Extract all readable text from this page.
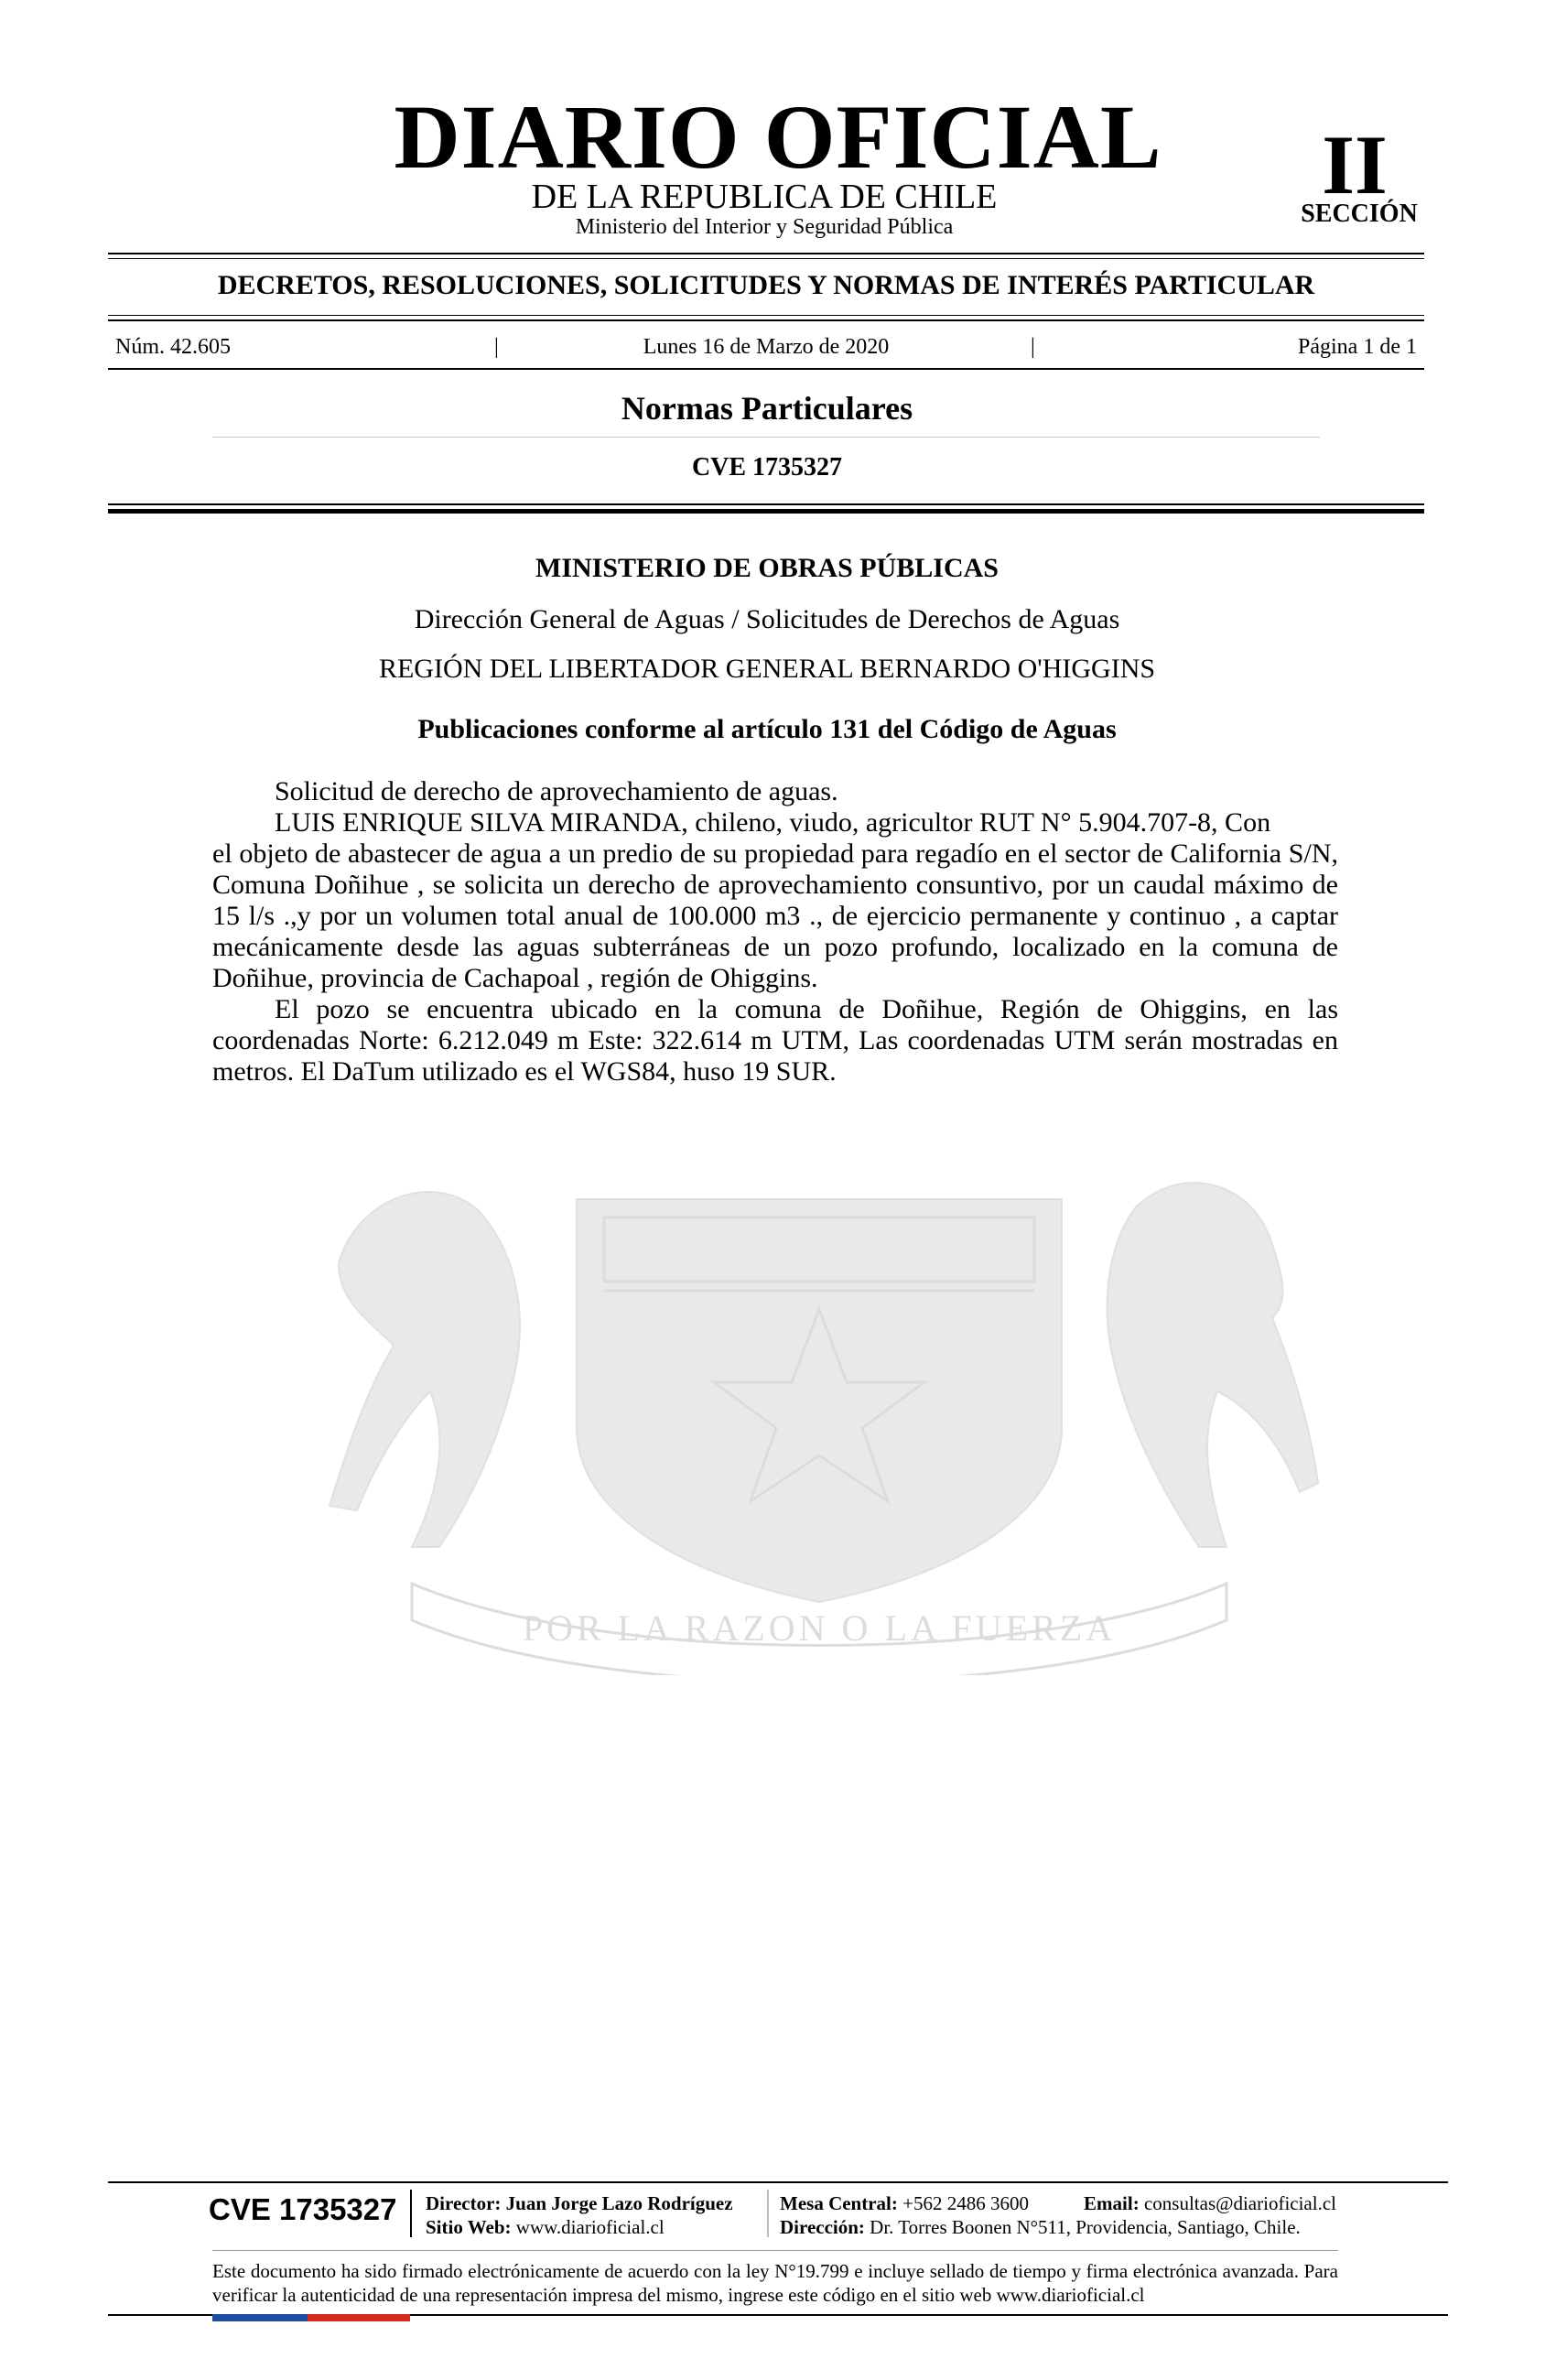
DIARIO OFICIAL
DE LA REPUBLICA DE CHILE
Ministerio del Interior y Seguridad Pública
II
SECCIÓN
DECRETOS, RESOLUCIONES, SOLICITUDES Y NORMAS DE INTERÉS PARTICULAR
Núm. 42.605	Lunes 16 de Marzo de 2020
|	|	Página 1 de 1
Normas Particulares
CVE 1735327
POR LA RAZON O LA FUERZA
MINISTERIO DE OBRAS PÚBLICAS
Dirección General de Aguas / Solicitudes de Derechos de Aguas
REGIÓN DEL LIBERTADOR GENERAL BERNARDO O'HIGGINS
Publicaciones conforme al artículo 131 del Código de Aguas

Solicitud de derecho de aprovechamiento de aguas.

LUIS ENRIQUE SILVA MIRANDA, chileno, viudo, agricultor RUT N° 5.904.707-8, Con

el objeto de abastecer de agua a un predio de su propiedad para regadío en el sector de California S/N, Comuna Doñihue , se solicita un derecho de aprovechamiento consuntivo, por un caudal máximo de 15 l/s .,y por un volumen total anual de 100.000 m3 ., de ejercicio permanente y continuo , a captar mecánicamente desde las aguas subterráneas de un pozo profundo, localizado en la comuna de Doñihue, provincia de Cachapoal , región de Ohiggins.

El pozo se encuentra ubicado en la comuna de Doñihue, Región de Ohiggins, en las coordenadas Norte: 6.212.049 m Este: 322.614 m UTM, Las coordenadas UTM serán mostradas en metros. El DaTum utilizado es el WGS84, huso 19 SUR.

CVE 1735327	Director: Juan Jorge Lazo Rodríguez
Sitio Web: www.diarioficial.cl
Mesa Central: +562 2486 3600	Email: consultas@diarioficial.cl
Dirección: Dr. Torres Boonen N°511, Providencia, Santiago, Chile.
Este documento ha sido firmado electrónicamente de acuerdo con la ley N°19.799 e incluye sellado de tiempo y firma electrónica avanzada. Para verificar la autenticidad de una representación impresa del mismo, ingrese este código en el sitio web www.diarioficial.cl
